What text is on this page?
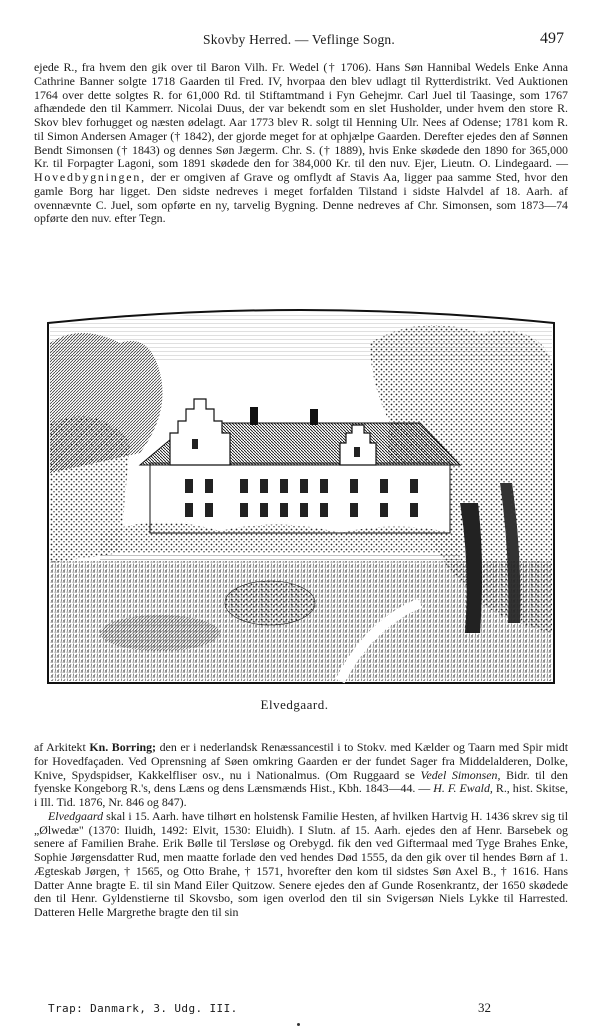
Skovby Herred. — Veflinge Sogn.	497

ejede R., fra hvem den gik over til Baron Vilh. Fr. Wedel († 1706). Hans Søn Hannibal Wedels Enke Anna Cathrine Banner solgte 1718 Gaarden til Fred. IV, hvorpaa den blev udlagt til Rytterdistrikt. Ved Auktionen 1764 over dette solgtes R. for 61,000 Rd. til Stiftamtmand i Fyn Gehejmr. Carl Juel til Taasinge, som 1767 afhændede den til Kammerr. Nicolai Duus, der var bekendt som en slet Husholder, under hvem den store R. Skov blev forhugget og næsten ødelagt. Aar 1773 blev R. solgt til Henning Ulr. Nees af Odense; 1781 kom R. til Simon Andersen Amager († 1842), der gjorde meget for at ophjælpe Gaarden. Derefter ejedes den af Sønnen Bendt Simonsen († 1843) og dennes Søn Jægerm. Chr. S. († 1889), hvis Enke skødede den 1890 for 365,000 Kr. til Forpagter Lagoni, som 1891 skødede den for 384,000 Kr. til den nuv. Ejer, Lieutn. O. Lindegaard. — Hovedbygningen, der er omgiven af Grave og omflydt af Stavis Aa, ligger paa samme Sted, hvor den gamle Borg har ligget. Den sidste nedreves i meget forfalden Tilstand i sidste Halvdel af 18. Aarh. af ovennævnte C. Juel, som opførte en ny, tarvelig Bygning. Denne nedreves af Chr. Simonsen, som 1873—74 opførte den nuv. efter Tegn.

Elvedgaard.

af Arkitekt Kn. Borring; den er i nederlandsk Renæssancestil i to Stokv. med Kælder og Taarn med Spir midt for Hovedfaçaden. Ved Oprensning af Søen omkring Gaarden er der fundet Sager fra Middelalderen, Dolke, Knive, Spydspidser, Kakkelfliser osv., nu i Nationalmus. (Om Ruggaard se Vedel Simonsen, Bidr. til den fyenske Kongeborg R.'s, dens Læns og dens Lænsmænds Hist., Kbh. 1843—44. — H. F. Ewald, R., hist. Skitse, i Ill. Tid. 1876, Nr. 846 og 847).

Elvedgaard skal i 15. Aarh. have tilhørt en holstensk Familie Hesten, af hvilken Hartvig H. 1436 skrev sig til „Ølwedæ" (1370: Iluidh, 1492: Elvit, 1530: Eluidh). I Slutn. af 15. Aarh. ejedes den af Henr. Barsebek og senere af Familien Brahe. Erik Bølle til Tersløse og Orebygd. fik den ved Giftermaal med Tyge Brahes Enke, Sophie Jørgensdatter Rud, men maatte forlade den ved hendes Død 1555, da den gik over til hendes Børn af 1. Ægteskab Jørgen, † 1565, og Otto Brahe, † 1571, hvorefter den kom til sidstes Søn Axel B., † 1616. Hans Datter Anne bragte E. til sin Mand Eiler Quitzow. Senere ejedes den af Gunde Rosenkrantz, der 1650 skødede den til Henr. Gyldenstierne til Skovsbo, som igen overlod den til sin Svigersøn Niels Lykke til Harrested. Datteren Helle Margrethe bragte den til sin

Trap: Danmark, 3. Udg. III.	32
